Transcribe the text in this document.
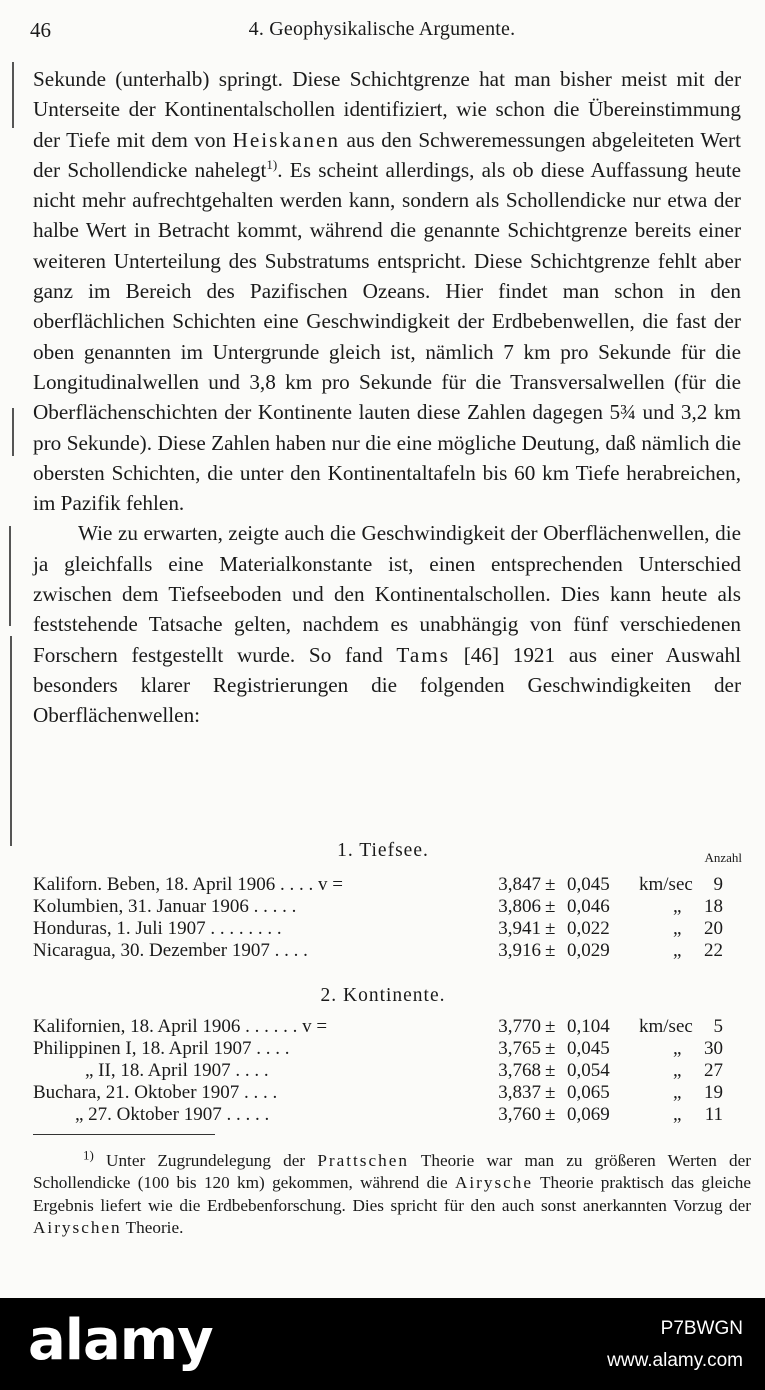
46	4. Geophysikalische Argumente.

Sekunde (unterhalb) springt. Diese Schichtgrenze hat man bisher meist mit der Unterseite der Kontinentalschollen identifiziert, wie schon die Übereinstimmung der Tiefe mit dem von Heiskanen aus den Schweremessungen abgeleiteten Wert der Schollendicke nahelegt$^{1)}$. Es scheint allerdings, als ob diese Auffassung heute nicht mehr aufrechtgehalten werden kann, sondern als Schollendicke nur etwa der halbe Wert in Betracht kommt, während die genannte Schichtgrenze bereits einer weiteren Unterteilung des Substratums entspricht. Diese Schichtgrenze fehlt aber ganz im Bereich des Pazifischen Ozeans. Hier findet man schon in den oberflächlichen Schichten eine Geschwindigkeit der Erdbebenwellen, die fast der oben genannten im Untergrunde gleich ist, nämlich 7 km pro Sekunde für die Longitudinalwellen und 3,8 km pro Sekunde für die Transversalwellen (für die Oberflächenschichten der Kontinente lauten diese Zahlen dagegen 5¾ und 3,2 km pro Sekunde). Diese Zahlen haben nur die eine mögliche Deutung, daß nämlich die obersten Schichten, die unter den Kontinentaltafeln bis 60 km Tiefe herabreichen, im Pazifik fehlen.

Wie zu erwarten, zeigte auch die Geschwindigkeit der Oberflächenwellen, die ja gleichfalls eine Materialkonstante ist, einen entsprechenden Unterschied zwischen dem Tiefseeboden und den Kontinentalschollen. Dies kann heute als feststehende Tatsache gelten, nachdem es unabhängig von fünf verschiedenen Forschern festgestellt wurde. So fand Tams [46] 1921 aus einer Auswahl besonders klarer Registrierungen die folgenden Geschwindigkeiten der Oberflächenwellen:

1. Tiefsee.	Anzahl
Kaliforn. Beben, 18. April 1906 . . . . v =	3,847 ± 0,045 km/sec	9
Kolumbien, 31. Januar 1906 . . . . .	3,806 ± 0,046	„	18
Honduras, 1. Juli 1907 . . . . . . . .	3,941 ± 0,022	„	20
Nicaragua, 30. Dezember 1907 . . . .	3,916 ± 0,029	„	22
2. Kontinente.
Kalifornien, 18. April 1906 . . . . . . v =	3,770 ± 0,104 km/sec	5
Philippinen I, 18. April 1907 . . . .	3,765 ± 0,045	„	30
„ II, 18. April 1907 . . . .	3,768 ± 0,054	„	27
Buchara, 21. Oktober 1907 . . . .	3,837 ± 0,065	„	19
„ 27. Oktober 1907 . . . . .	3,760 ± 0,069	„	11

$^{1)}$ Unter Zugrundelegung der Prattschen Theorie war man zu größeren Werten der Schollendicke (100 bis 120 km) gekommen, während die Airysche Theorie praktisch das gleiche Ergebnis liefert wie die Erdbebenforschung. Dies spricht für den auch sonst anerkannten Vorzug der Airyschen Theorie.

alamy	P7BWGN
www.alamy.com
